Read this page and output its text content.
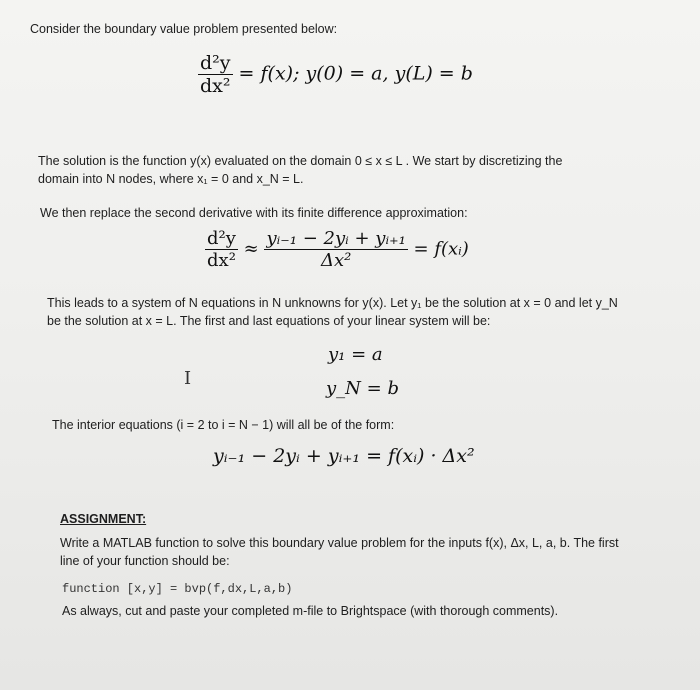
Consider the boundary value problem presented below:
$\frac{\text{d²y}}{\text{dx²}} = f(x)$; y(0) = a, y(L) = b
The solution is the function y(x) evaluated on the domain 0 ≤ x ≤ L . We start by discretizing the
domain into N nodes, where x₁ = 0 and x_N = L.
We then replace the second derivative with its finite difference approximation:
$\frac{\text{d²y}}{\text{dx²}} \approx \frac{\text{yᵢ₋₁ − 2yᵢ + yᵢ₊₁}}{\text{Δx²}}$ = f(xᵢ)
This leads to a system of N equations in N unknowns for y(x). Let y₁ be the solution at x = 0 and let y_N
be the solution at x = L. The first and last equations of your linear system will be:
y₁ = a
I	y_N = b
The interior equations (i = 2 to i = N − 1) will all be of the form:
yᵢ₋₁ − 2yᵢ + yᵢ₊₁ = f(xᵢ) · Δx²
ASSIGNMENT:
Write a MATLAB function to solve this boundary value problem for the inputs f(x), Δx, L, a, b. The first
line of your function should be:
function [x,y] = bvp(f,dx,L,a,b)
As always, cut and paste your completed m-file to Brightspace (with thorough comments).
